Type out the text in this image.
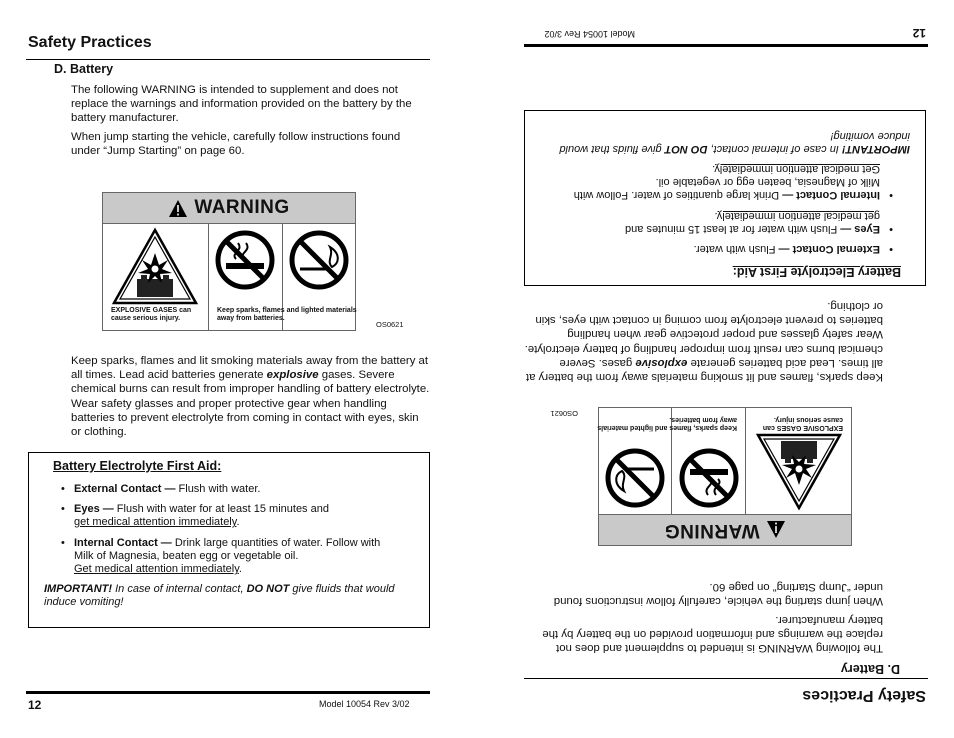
Safety Practices
D. Battery

The following WARNING is intended to supplement and does not replace the warnings and information provided on the battery by the battery manufacturer.

When jump starting the vehicle, carefully follow instructions found under “Jump Starting” on page 60.

WARNING
EXPLOSIVE GASES can cause serious injury.
Keep sparks, flames and lighted materials away from batteries.
OS0621

Keep sparks, flames and lit smoking materials away from the battery at all times. Lead acid batteries generate explosive gases. Severe chemical burns can result from improper handling of battery electrolyte. Wear safety glasses and proper protective gear when handling batteries to prevent electrolyte from coming in contact with eyes, skin or clothing.

Battery Electrolyte First Aid:
• External Contact — Flush with water.
• Eyes — Flush with water for at least 15 minutes and
get medical attention immediately.
• Internal Contact — Drink large quantities of water. Follow with Milk of Magnesia, beaten egg or vegetable oil.
Get medical attention immediately.
IMPORTANT! In case of internal contact, DO NOT give fluids that would induce vomiting!
12	Model 10054 Rev 3/02	Safety Practices
D. Battery

The following WARNING is intended to supplement and does not replace the warnings and information provided on the battery by the battery manufacturer.

When jump starting the vehicle, carefully follow instructions found under “Jump Starting” on page 60.

WARNING
EXPLOSIVE GASES can cause serious injury.
Keep sparks, flames and lighted materials away from batteries.
OS0621

Keep sparks, flames and lit smoking materials away from the battery at all times. Lead acid batteries generate explosive gases. Severe chemical burns can result from improper handling of battery electrolyte. Wear safety glasses and proper protective gear when handling batteries to prevent electrolyte from coming in contact with eyes, skin or clothing.

Battery Electrolyte First Aid:
•
External Contact — Flush with water.
•
Eyes — Flush with water for at least 15 minutes and
get medical attention immediately.
•
Internal Contact — Drink large quantities of water. Follow with Milk of Magnesia, beaten egg or vegetable oil.
Get medical attention immediately.
IMPORTANT! In case of internal contact, DO NOT give fluids that would induce vomiting!
12
Model 10054 Rev 3/02
